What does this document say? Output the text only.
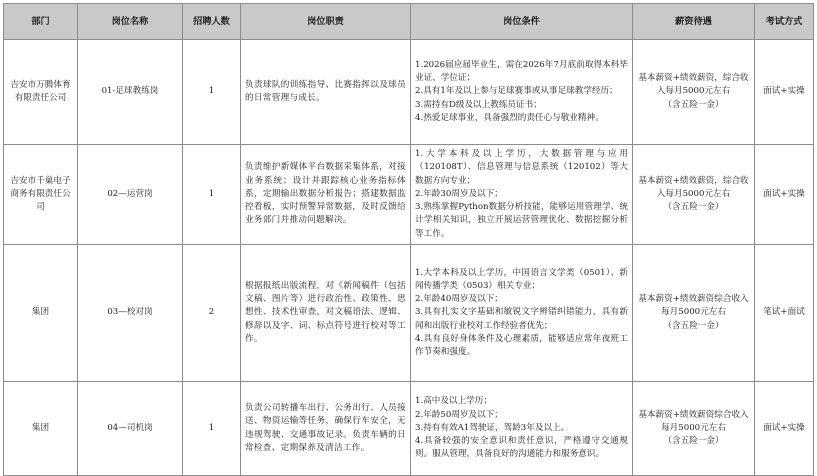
部门	岗位名称	招聘人数	岗位职责	岗位条件	薪资待遇	考试方式
吉安市万腾体育有限责任公司	01-足球教练岗	1	负责球队的训练指导、比赛指挥以及球员的日常管理与成长。	1.2026届应届毕业生，需在2026年7月底前取得本科毕业证、学位证；
2.具有1年及以上参与足球赛事或从事足球教学经历；
3.需持有D级及以上教练员证书；
4.热爱足球事业，具备强烈的责任心与敬业精神。	基本薪资+绩效薪资，综合收入每月5000元左右
（含五险一金）	面试+实操
吉安市千巢电子商务有限责任公司	02—运营岗	1	负责维护新媒体平台数据采集体系，对接业务系统；设计并跟踪核心业务指标体系，定期输出数据分析报告；搭建数据监控看板，实时预警异常数据，及时反馈给业务部门并推动问题解决。	1.大学本科及以上学历，大数据管理与应用（120108T）、信息管理与信息系统（120102）等大数据方向专业；
2.年龄30周岁及以下；
3.熟练掌握Python数据分析技能，能够运用管理学、统计学相关知识，独立开展运营管理优化、数据挖掘分析等工作。	基本薪资+绩效薪资，综合收入每月5000元左右
（含五险一金）	面试+实操
集团	03—校对岗	2	根据报纸出版流程，对《新闻稿件（包括文稿、图片等）进行政治性、政策性、思想性、技术性审查，对文稿语法、逻辑、修辞以及字、词、标点符号进行校对等工作。	1.大学本科及以上学历，中国语言文学类（0501）、新闻传播学类（0503）相关专业；
2.年龄40周岁及以下；
3.具有扎实文字基础和敏锐文字辨错纠错能力，具有新闻和出版行业校对工作经验者优先；
4.具有良好身体条件及心理素质，能够适应常年夜班工作节奏和强度。	基本薪资+绩效薪资综合收入每月5000元左右
（含五险一金）	笔试+面试
集团	04—司机岗	1	负责公司转播车出行、公务出行、人员接送、物资运输等任务，确保行车安全，无违规驾驶、交通事故记录。负责车辆的日常检查、定期保养及清洁工作。	1.高中及以上学历；
2.年龄50周岁及以下；
3.持有有效A1驾驶证，驾龄3年及以上。
4.具备较强的安全意识和责任意识，严格遵守交通规则。服从管理，具备良好的沟通能力和服务意识。	基本薪资+绩效薪资综合收入每月5000元左右
（含五险一金）	面试+实操
